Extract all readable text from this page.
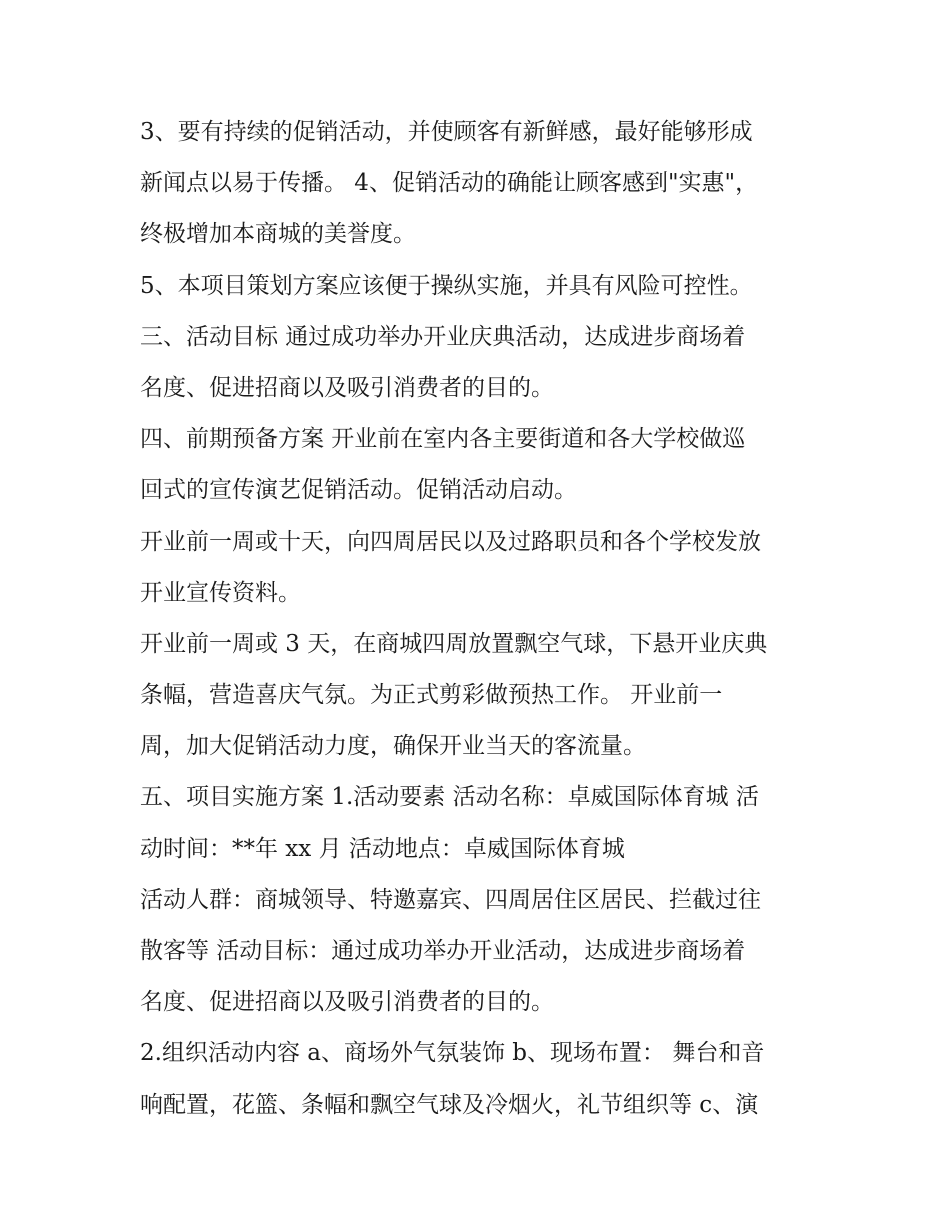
3、要有持续的促销活动，并使顾客有新鲜感，最好能够形成
新闻点以易于传播。 4、促销活动的确能让顾客感到"实惠"，
终极增加本商城的美誉度。
5、本项目策划方案应该便于操纵实施，并具有风险可控性。
三、活动目标 通过成功举办开业庆典活动，达成进步商场着
名度、促进招商以及吸引消费者的目的。
四、前期预备方案 开业前在室内各主要街道和各大学校做巡
回式的宣传演艺促销活动。促销活动启动。
开业前一周或十天，向四周居民以及过路职员和各个学校发放
开业宣传资料。
开业前一周或 3 天，在商城四周放置飘空气球，下悬开业庆典
条幅，营造喜庆气氛。为正式剪彩做预热工作。 开业前一
周，加大促销活动力度，确保开业当天的客流量。
五、项目实施方案 1.活动要素 活动名称：卓威国际体育城 活
动时间：**年 xx 月 活动地点：卓威国际体育城
活动人群：商城领导、特邀嘉宾、四周居住区居民、拦截过往
散客等 活动目标：通过成功举办开业活动，达成进步商场着
名度、促进招商以及吸引消费者的目的。
2.组织活动内容 a、商场外气氛装饰 b、现场布置： 舞台和音
响配置，花篮、条幅和飘空气球及冷烟火，礼节组织等 c、演
